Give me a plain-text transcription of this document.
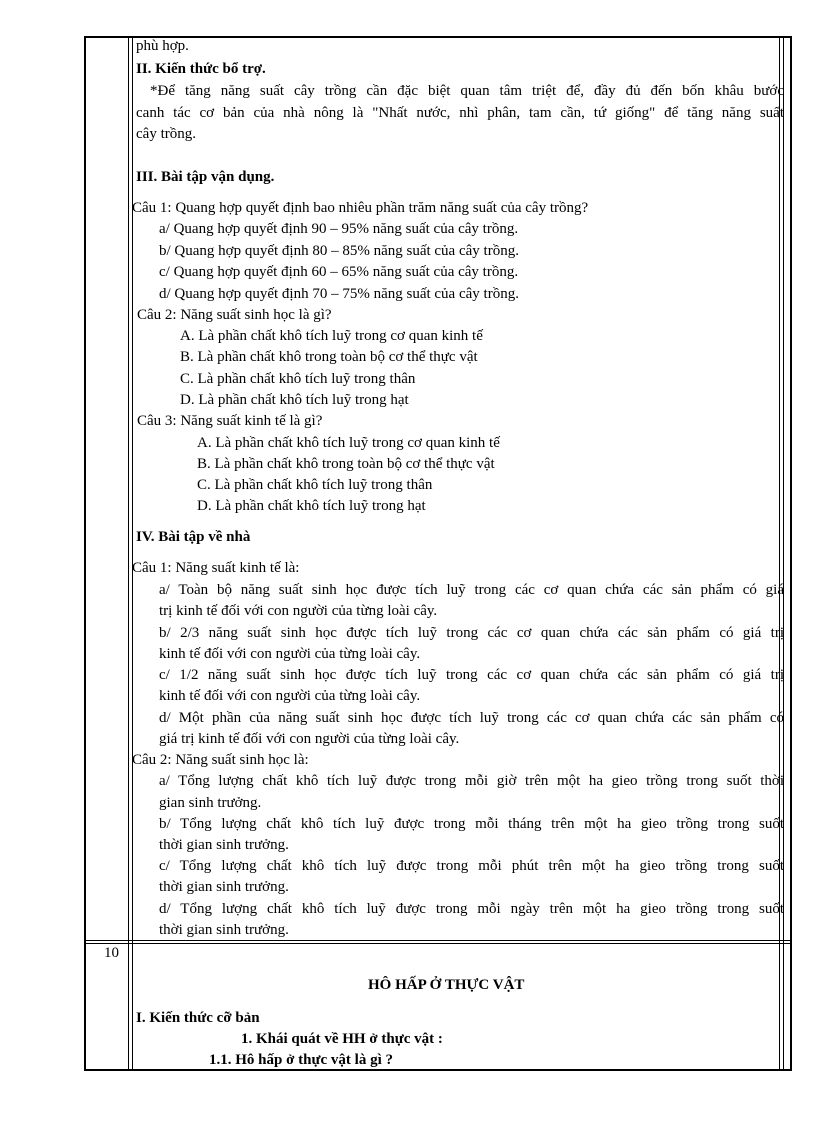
phù hợp.
II. Kiến thức bổ trợ.
*Để tăng năng suất cây trồng cần đặc biệt quan tâm triệt để, đầy đủ đến bốn khâu bước
canh tác cơ bản của nhà nông là "Nhất nước, nhì phân, tam cần, tứ giống" để tăng năng suất
cây trồng.
III. Bài tập vận dụng.
Câu 1: Quang hợp quyết định bao nhiêu phần trăm năng suất của cây trồng?
a/ Quang hợp quyết định 90 – 95% năng suất của cây trồng.
b/ Quang hợp quyết định 80 – 85% năng suất của cây trồng.
c/ Quang hợp quyết định 60 – 65% năng suất của cây trồng.
d/ Quang hợp quyết định 70 – 75% năng suất của cây trồng.
Câu 2: Năng suất sinh học là gì?
A. Là phần chất khô tích luỹ trong cơ quan kinh tế
B. Là phần chất khô trong toàn bộ cơ thể thực vật
C. Là phần chất khô tích luỹ trong thân
D. Là phần chất khô tích luỹ trong hạt
Câu 3: Năng suất kinh tế là gì?
A. Là phần chất khô tích luỹ trong cơ quan kinh tế
B. Là phần chất khô trong toàn bộ cơ thể thực vật
C. Là phần chất khô tích luỹ trong thân
D. Là phần chất khô tích luỹ trong hạt
IV. Bài tập về nhà
Câu 1: Năng suất kinh tế là:
a/ Toàn bộ năng suất sinh học được tích luỹ trong các cơ quan chứa các sản phẩm có giá
trị kinh tế đối với con người của từng loài cây.
b/ 2/3 năng suất sinh học được tích luỹ trong các cơ quan chứa các sản phẩm có giá trị
kinh tế đối với con người của từng loài cây.
c/ 1/2 năng suất sinh học được tích luỹ trong các cơ quan chứa các sản phẩm có giá trị
kinh tế đối với con người của từng loài cây.
d/ Một phần của năng suất sinh học được tích luỹ trong các cơ quan chứa các sản phẩm có
giá trị kinh tế đối với con người của từng loài cây.
Câu 2: Năng suất sinh học là:
a/ Tổng lượng chất khô tích luỹ được trong mỗi giờ trên một ha gieo trồng trong suốt thời
gian sinh trưởng.
b/ Tổng lượng chất khô tích luỹ được trong mỗi tháng trên một ha gieo trồng trong suốt
thời gian sinh trưởng.
c/ Tổng lượng chất khô tích luỹ được trong mỗi phút trên một ha gieo trồng trong suốt
thời gian sinh trưởng.
d/ Tổng lượng chất khô tích luỹ được trong mỗi ngày trên một ha gieo trồng trong suốt
thời gian sinh trưởng.
10
HÔ HẤP Ở THỰC VẬT
I. Kiến thức cỡ bản
1. Khái quát về HH ở thực vật :
1.1. Hô hấp ở thực vật là gì ?
